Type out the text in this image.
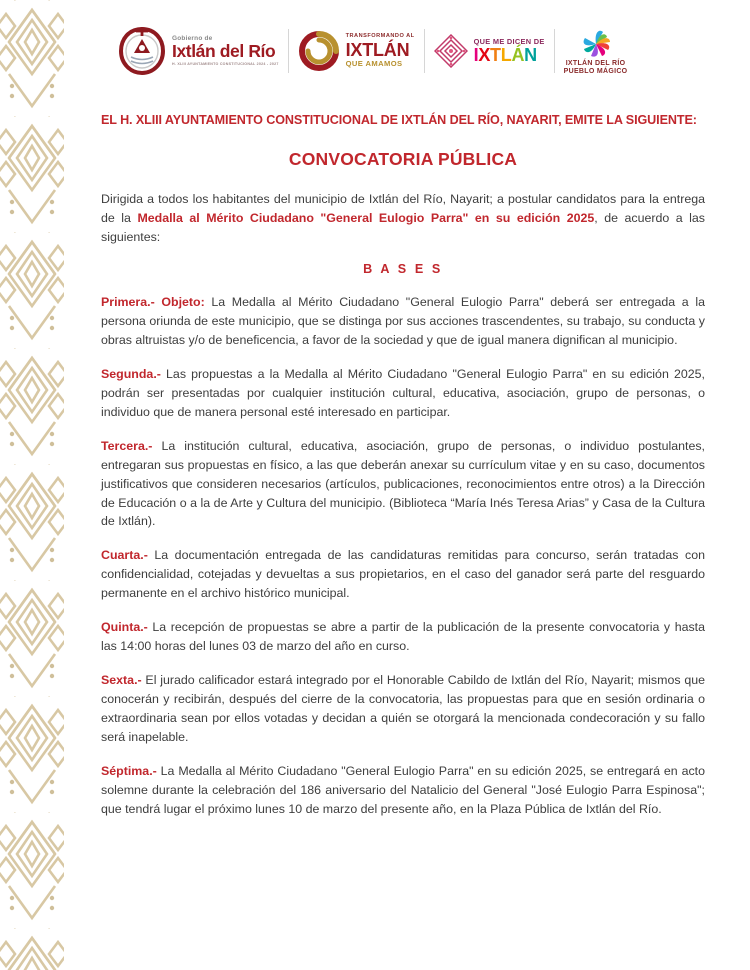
Gobierno de
Ixtlán del Río
H. XLIII AYUNTAMIENTO CONSTITUCIONAL 2024 - 2027
TRANSFORMANDO AL
IXTLÁN
QUE AMAMOS
QUE ME DICEN DE
IXTLÁN	IXTLÁN DEL RÍO
PUEBLO MÁGICO
EL H. XLIII AYUNTAMIENTO CONSTITUCIONAL DE IXTLÁN DEL RÍO, NAYARIT, EMITE LA SIGUIENTE:
CONVOCATORIA PÚBLICA

Dirigida a todos los habitantes del municipio de Ixtlán del Río, Nayarit; a postular candidatos para la entrega de la Medalla al Mérito Ciudadano "General Eulogio Parra" en su edición 2025, de acuerdo a las siguientes:

B A S E S

Primera.- Objeto: La Medalla al Mérito Ciudadano "General Eulogio Parra" deberá ser entregada a la persona oriunda de este municipio, que se distinga por sus acciones trascendentes, su trabajo, su conducta y obras altruistas y/o de beneficencia, a favor de la sociedad y que de igual manera dignifican al municipio.

Segunda.- Las propuestas a la Medalla al Mérito Ciudadano "General Eulogio Parra" en su edición 2025, podrán ser presentadas por cualquier institución cultural, educativa, asociación, grupo de personas, o individuo que de manera personal esté interesado en participar.

Tercera.- La institución cultural, educativa, asociación, grupo de personas, o individuo postulantes, entregaran sus propuestas en físico, a las que deberán anexar su currículum vitae y en su caso, documentos justificativos que consideren necesarios (artículos, publicaciones, reconocimientos entre otros) a la Dirección de Educación o a la de Arte y Cultura del municipio. (Biblioteca “María Inés Teresa Arias” y Casa de la Cultura de Ixtlán).

Cuarta.- La documentación entregada de las candidaturas remitidas para concurso, serán tratadas con confidencialidad, cotejadas y devueltas a sus propietarios, en el caso del ganador será parte del resguardo permanente en el archivo histórico municipal.

Quinta.- La recepción de propuestas se abre a partir de la publicación de la presente convocatoria y hasta las 14:00 horas del lunes 03 de marzo del año en curso.

Sexta.- El jurado calificador estará integrado por el Honorable Cabildo de Ixtlán del Río, Nayarit; mismos que conocerán y recibirán, después del cierre de la convocatoria, las propuestas para que en sesión ordinaria o extraordinaria sean por ellos votadas y decidan a quién se otorgará la mencionada condecoración y su fallo será inapelable.

Séptima.- La Medalla al Mérito Ciudadano "General Eulogio Parra" en su edición 2025, se entregará en acto solemne durante la celebración del 186 aniversario del Natalicio del General "José Eulogio Parra Espinosa"; que tendrá lugar el próximo lunes 10 de marzo del presente año, en la Plaza Pública de Ixtlán del Río.
